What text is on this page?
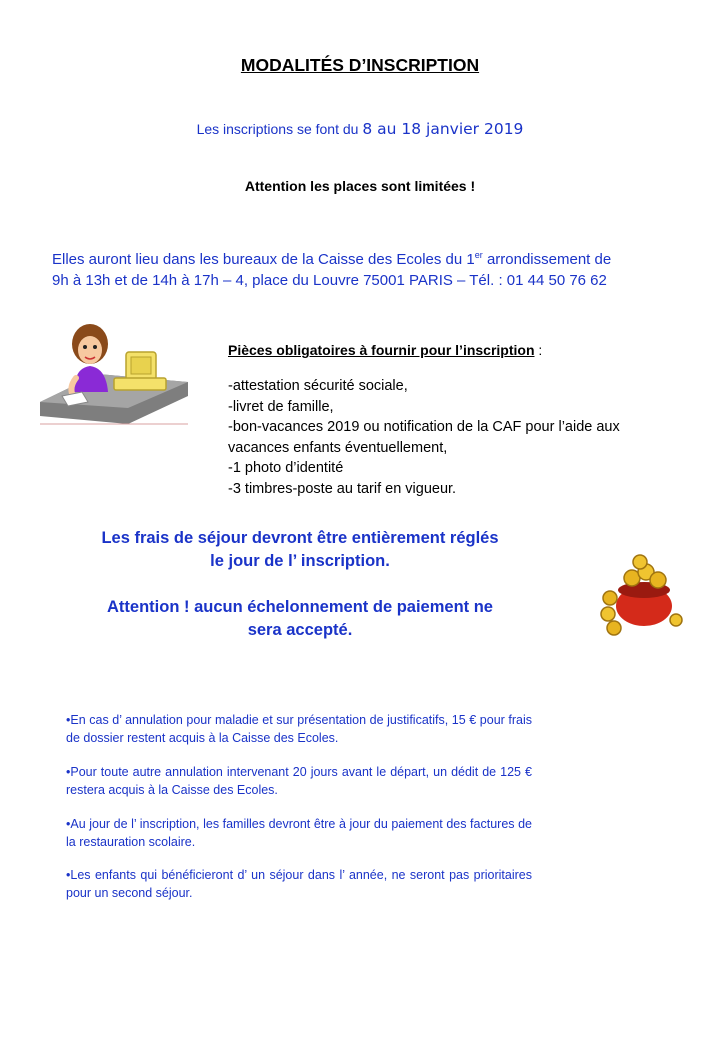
MODALITÉS D’INSCRIPTION
Les inscriptions se font du 8 au 18 janvier 2019
Attention les places sont limitées !
Elles auront lieu dans les bureaux de la Caisse des Ecoles du 1er arrondissement de
9h à 13h et de 14h à 17h – 4, place du Louvre 75001 PARIS – Tél. : 01 44 50 76 62
Pièces obligatoires à fournir pour l’inscription :
-attestation sécurité sociale,
-livret de famille,
-bon-vacances 2019 ou notification de la CAF pour l’aide aux
vacances enfants éventuellement,
-1 photo d’identité
-3 timbres-poste au tarif en vigueur.
Les frais de séjour devront être entièrement réglés
le jour de l’ inscription.
Attention ! aucun échelonnement de paiement ne
sera accepté.
•En cas d’ annulation pour maladie et sur présentation de justificatifs, 15 € pour frais de dossier restent acquis à la Caisse des Ecoles.
•Pour toute autre annulation intervenant 20 jours avant le départ, un dédit de 125 € restera acquis à la Caisse des Ecoles.
•Au jour de l’ inscription, les familles devront être à jour du paiement des factures de la restauration scolaire.
•Les enfants qui bénéficieront d’ un séjour dans l’ année, ne seront pas prioritaires pour un second séjour.
